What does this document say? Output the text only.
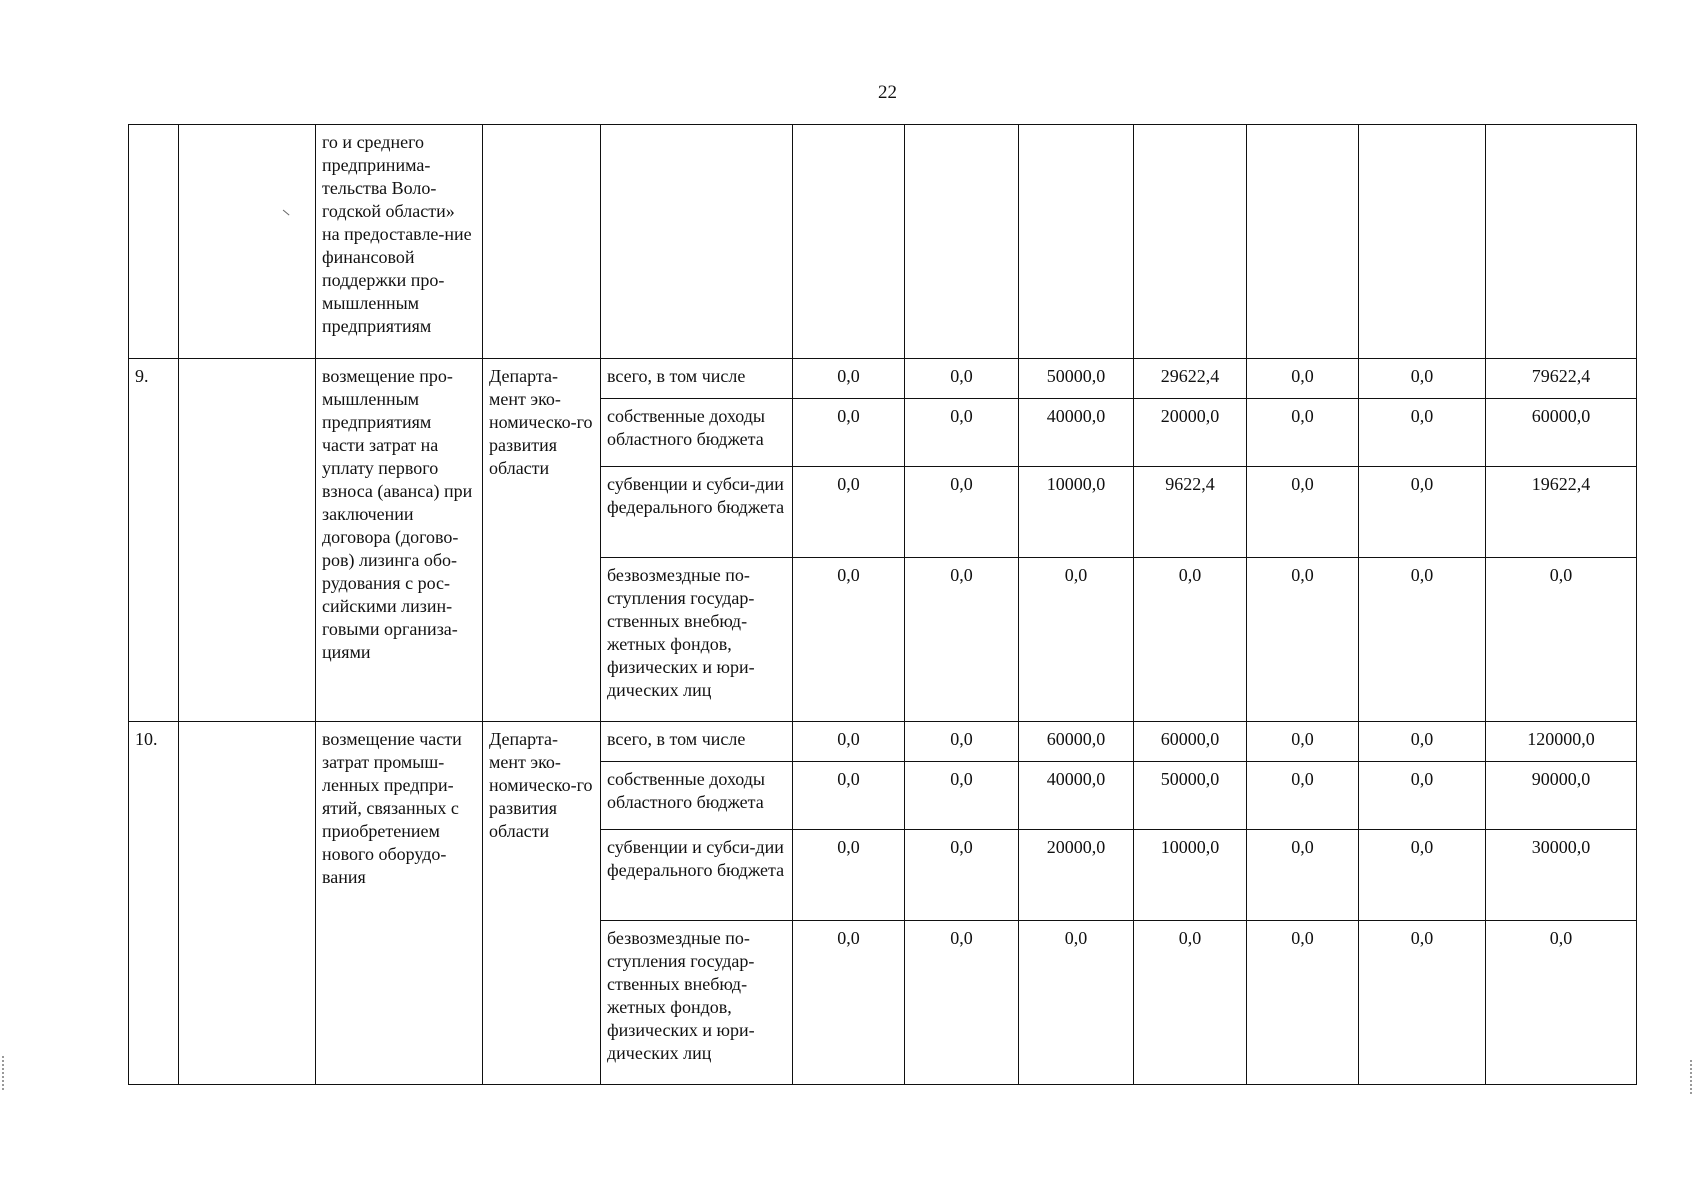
22
		го и среднего предпринима-тельства Воло-годской области» на предоставле-ние финансовой поддержки про-мышленным предприятиям									
9.		возмещение про-мышленным предприятиям части затрат на уплату первого взноса (аванса) при заключении договора (догово-ров) лизинга обо-рудования с рос-сийскими лизин-говыми организа-циями	Департа-мент эко-номическо-го развития области	всего, в том числе	0,0	0,0	50000,0	29622,4	0,0	0,0	79622,4
				собственные доходы областного бюджета	0,0	0,0	40000,0	20000,0	0,0	0,0	60000,0
				субвенции и субси-дии федерального бюджета	0,0	0,0	10000,0	9622,4	0,0	0,0	19622,4
				безвозмездные по-ступления государ-ственных внебюд-жетных фондов, физических и юри-дических лиц	0,0	0,0	0,0	0,0	0,0	0,0	0,0
10.		возмещение части затрат промыш-ленных предпри-ятий, связанных с приобретением нового оборудо-вания	Департа-мент эко-номическо-го развития области	всего, в том числе	0,0	0,0	60000,0	60000,0	0,0	0,0	120000,0
				собственные доходы областного бюджета	0,0	0,0	40000,0	50000,0	0,0	0,0	90000,0
				субвенции и субси-дии федерального бюджета	0,0	0,0	20000,0	10000,0	0,0	0,0	30000,0
				безвозмездные по-ступления государ-ственных внебюд-жетных фондов, физических и юри-дических лиц	0,0	0,0	0,0	0,0	0,0	0,0	0,0
